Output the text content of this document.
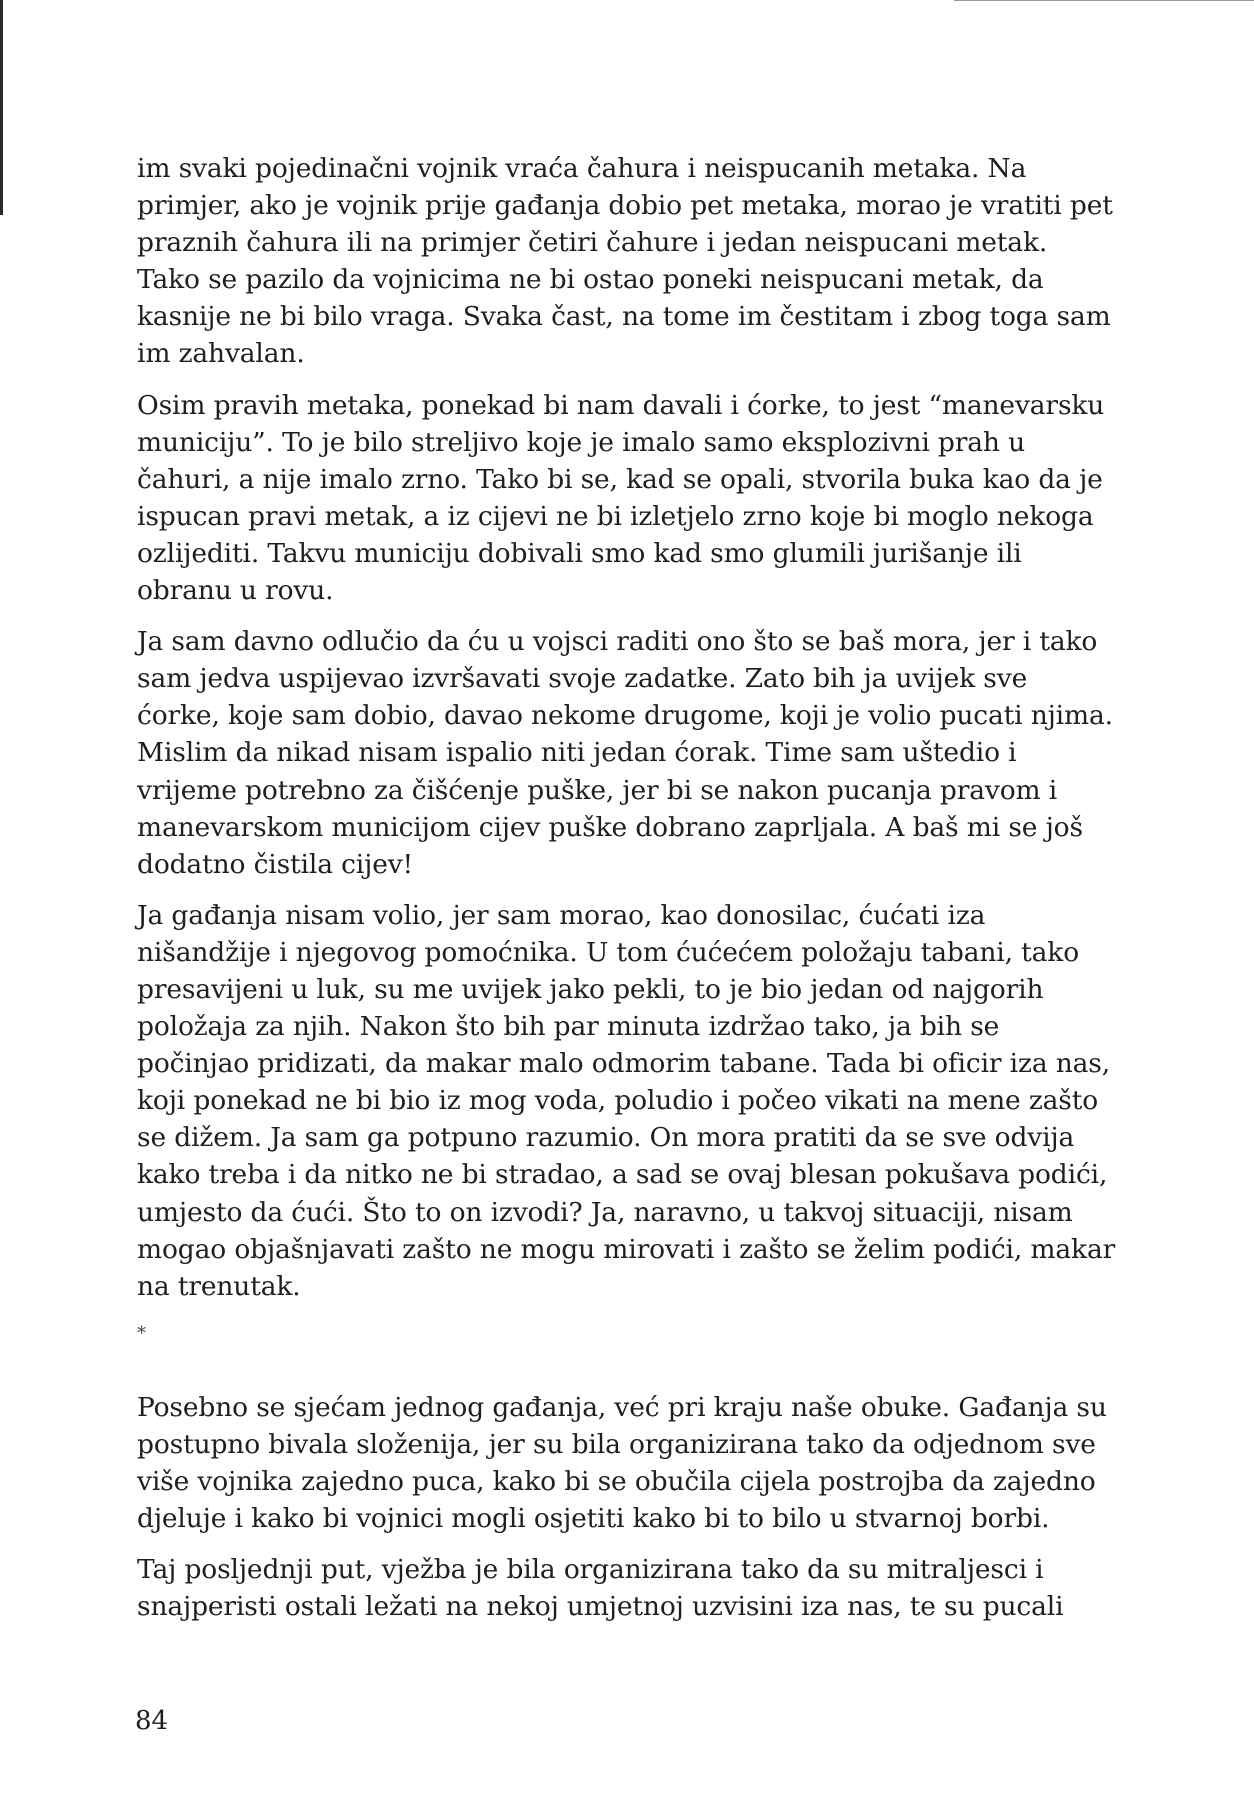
im svaki pojedinačni vojnik vraća čahura i neispucanih metaka. Na primjer, ako je vojnik prije gađanja dobio pet metaka, morao je vratiti pet praznih čahura ili na primjer četiri čahure i jedan neispucani metak. Tako se pazilo da vojnicima ne bi ostao poneki neispucani metak, da kasnije ne bi bilo vraga. Svaka čast, na tome im čestitam i zbog toga sam im zahvalan.

Osim pravih metaka, ponekad bi nam davali i ćorke, to jest “manevarsku municiju”. To je bilo streljivo koje je imalo samo eksplozivni prah u čahuri, a nije imalo zrno. Tako bi se, kad se opali, stvorila buka kao da je ispucan pravi metak, a iz cijevi ne bi izletjelo zrno koje bi moglo nekoga ozlijediti. Takvu municiju dobivali smo kad smo glumili jurišanje ili obranu u rovu.

Ja sam davno odlučio da ću u vojsci raditi ono što se baš mora, jer i tako sam jedva uspijevao izvršavati svoje zadatke. Zato bih ja uvijek sve ćorke, koje sam dobio, davao nekome drugome, koji je volio pucati njima. Mislim da nikad nisam ispalio niti jedan ćorak. Time sam uštedio i vrijeme potrebno za čišćenje puške, jer bi se nakon pucanja pravom i manevarskom municijom cijev puške dobrano zaprljala. A baš mi se još dodatno čistila cijev!

Ja gađanja nisam volio, jer sam morao, kao donosilac, ćućati iza nišandžije i njegovog pomoćnika. U tom ćućećem položaju tabani, tako presavijeni u luk, su me uvijek jako pekli, to je bio jedan od najgorih položaja za njih. Nakon što bih par minuta izdržao tako, ja bih se počinjao pridizati, da makar malo odmorim tabane. Tada bi oficir iza nas, koji ponekad ne bi bio iz mog voda, poludio i počeo vikati na mene zašto se dižem. Ja sam ga potpuno razumio. On mora pratiti da se sve odvija kako treba i da nitko ne bi stradao, a sad se ovaj blesan pokušava podići, umjesto da ćući. Što to on izvodi? Ja, naravno, u takvoj situaciji, nisam mogao objašnjavati zašto ne mogu mirovati i zašto se želim podići, makar na trenutak.

*

Posebno se sjećam jednog gađanja, već pri kraju naše obuke. Gađanja su postupno bivala složenija, jer su bila organizirana tako da odjednom sve više vojnika zajedno puca, kako bi se obučila cijela postrojba da zajedno djeluje i kako bi vojnici mogli osjetiti kako bi to bilo u stvarnoj borbi.

Taj posljednji put, vježba je bila organizirana tako da su mitraljesci i snajperisti ostali ležati na nekoj umjetnoj uzvisini iza nas, te su pucali

84
